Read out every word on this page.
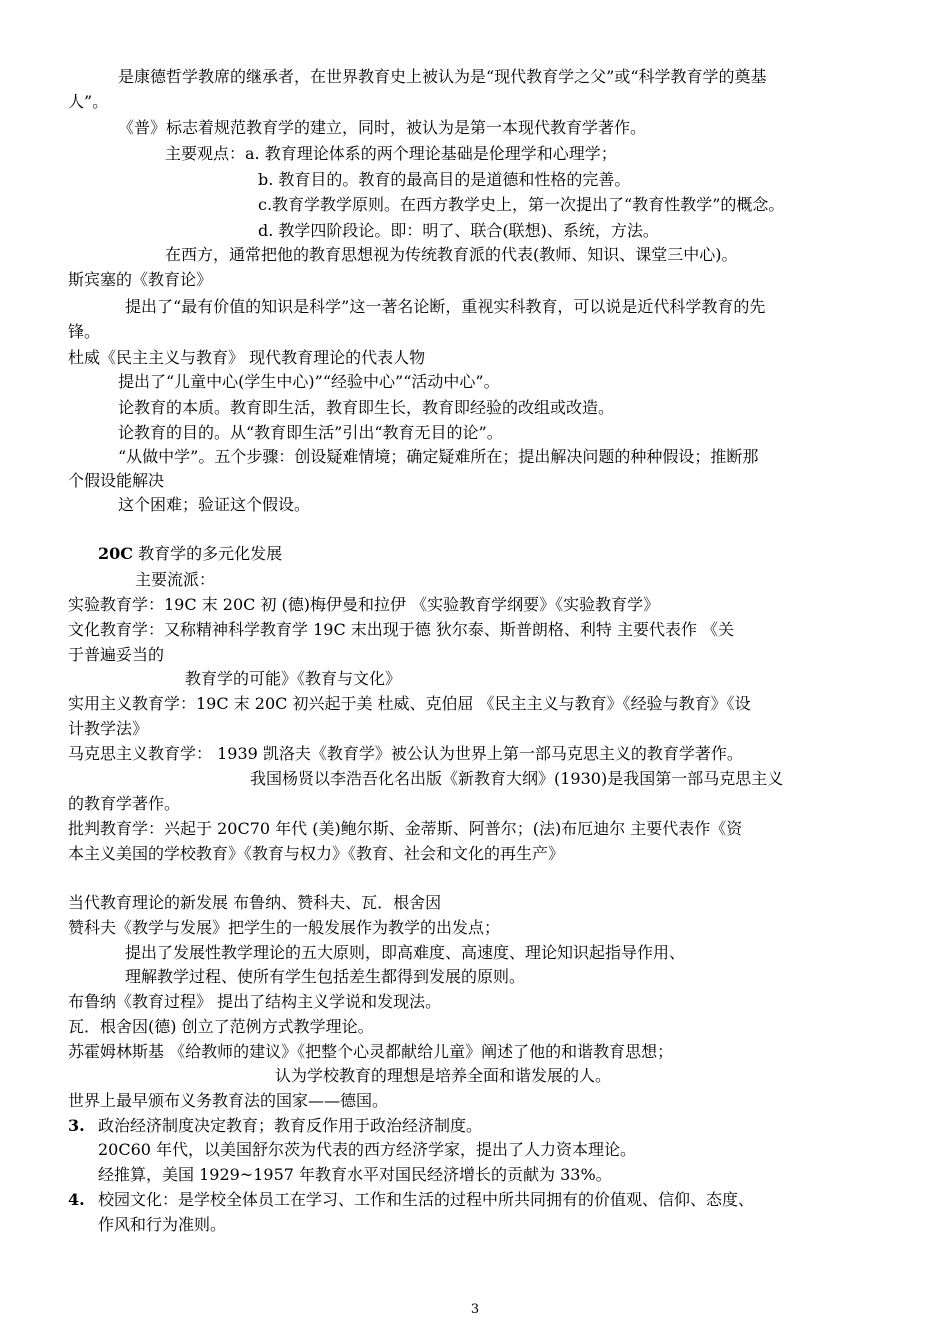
是康德哲学教席的继承者，在世界教育史上被认为是“现代教育学之父”或“科学教育学的奠基
人”。
《普》标志着规范教育学的建立，同时，被认为是第一本现代教育学著作。
主要观点：a. 教育理论体系的两个理论基础是伦理学和心理学；
b. 教育目的。教育的最高目的是道德和性格的完善。
c.教育学教学原则。在西方教学史上，第一次提出了“教育性教学”的概念。
d. 教学四阶段论。即：明了、联合(联想)、系统，方法。
在西方，通常把他的教育思想视为传统教育派的代表(教师、知识、课堂三中心)。
斯宾塞的《教育论》
提出了“最有价值的知识是科学”这一著名论断，重视实科教育，可以说是近代科学教育的先
锋。
杜威《民主主义与教育》 现代教育理论的代表人物
提出了“儿童中心(学生中心)”“经验中心”“活动中心”。
论教育的本质。教育即生活，教育即生长，教育即经验的改组或改造。
论教育的目的。从“教育即生活”引出“教育无目的论”。
“从做中学”。五个步骤：创设疑难情境；确定疑难所在；提出解决问题的种种假设；推断那
个假设能解决
这个困难；验证这个假设。
20C 教育学的多元化发展
主要流派：
实验教育学：19C 末 20C 初 (德)梅伊曼和拉伊 《实验教育学纲要》《实验教育学》
文化教育学：又称精神科学教育学 19C 末出现于德 狄尔泰、斯普朗格、利特 主要代表作 《关
于普遍妥当的
教育学的可能》《教育与文化》
实用主义教育学：19C 末 20C 初兴起于美 杜威、克伯屈 《民主主义与教育》《经验与教育》《设
计教学法》
马克思主义教育学： 1939 凯洛夫《教育学》被公认为世界上第一部马克思主义的教育学著作。
我国杨贤以李浩吾化名出版《新教育大纲》(1930)是我国第一部马克思主义
的教育学著作。
批判教育学：兴起于 20C70 年代 (美)鲍尔斯、金蒂斯、阿普尔；(法)布厄迪尔 主要代表作《资
本主义美国的学校教育》《教育与权力》《教育、社会和文化的再生产》
当代教育理论的新发展 布鲁纳、赞科夫、瓦．根舍因
赞科夫《教学与发展》把学生的一般发展作为教学的出发点；
提出了发展性教学理论的五大原则，即高难度、高速度、理论知识起指导作用、
理解教学过程、使所有学生包括差生都得到发展的原则。
布鲁纳《教育过程》 提出了结构主义学说和发现法。
瓦．根舍因(德) 创立了范例方式教学理论。
苏霍姆林斯基 《给教师的建议》《把整个心灵都献给儿童》阐述了他的和谐教育思想；
认为学校教育的理想是培养全面和谐发展的人。
世界上最早颁布义务教育法的国家——德国。
3. 政治经济制度决定教育；教育反作用于政治经济制度。
20C60 年代，以美国舒尔茨为代表的西方经济学家，提出了人力资本理论。
经推算，美国 1929~1957 年教育水平对国民经济增长的贡献为 33%。
4. 校园文化：是学校全体员工在学习、工作和生活的过程中所共同拥有的价值观、信仰、态度、
作风和行为准则。
3
